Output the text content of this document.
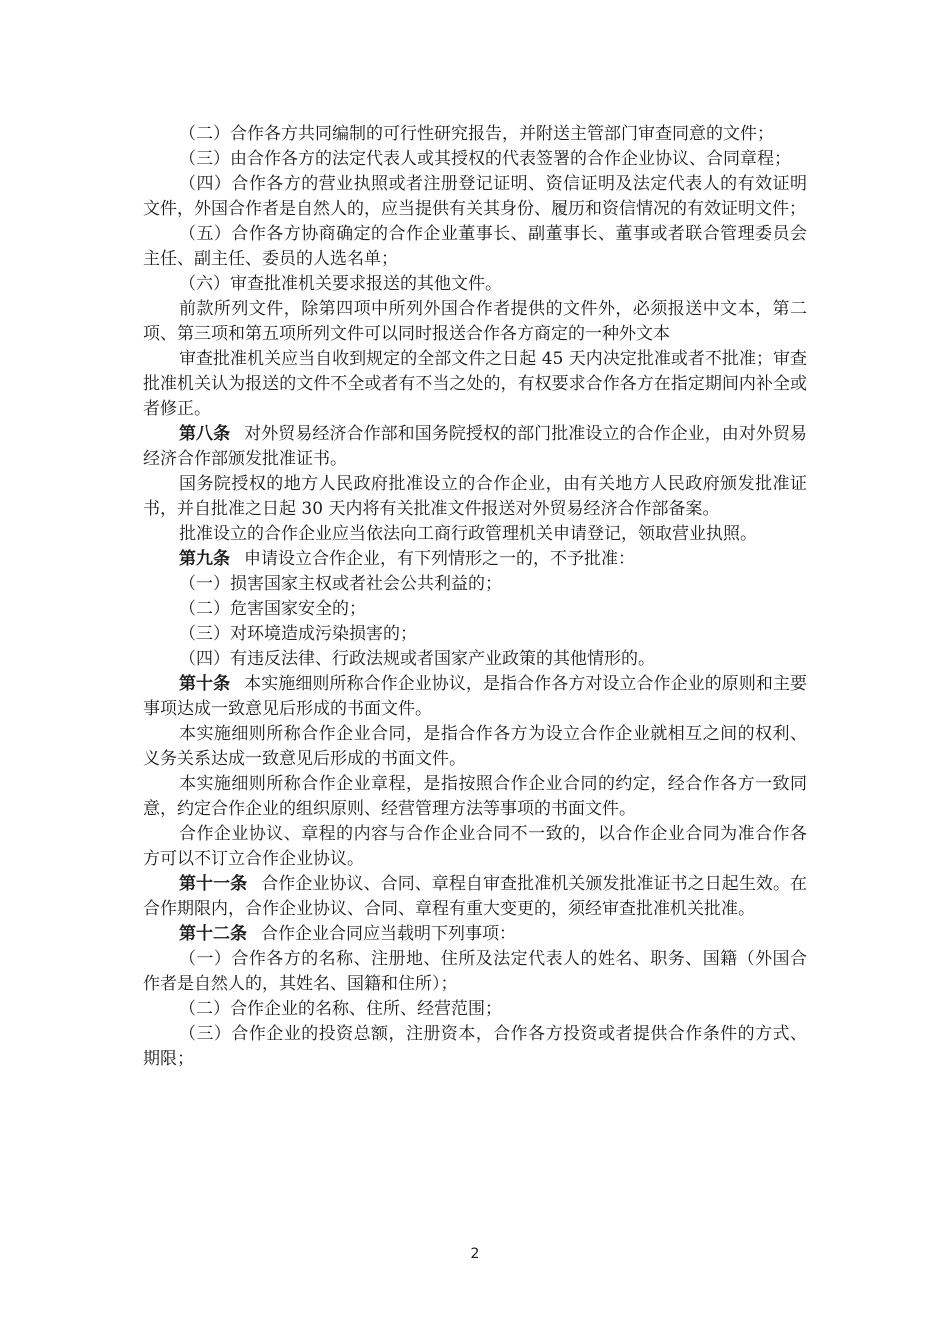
（二）合作各方共同编制的可行性研究报告，并附送主管部门审查同意的文件；

（三）由合作各方的法定代表人或其授权的代表签署的合作企业协议、合同章程；

（四）合作各方的营业执照或者注册登记证明、资信证明及法定代表人的有效证明文件，外国合作者是自然人的，应当提供有关其身份、履历和资信情况的有效证明文件；

（五）合作各方协商确定的合作企业董事长、副董事长、董事或者联合管理委员会主任、副主任、委员的人选名单；

（六）审查批准机关要求报送的其他文件。

前款所列文件，除第四项中所列外国合作者提供的文件外，必须报送中文本，第二项、第三项和第五项所列文件可以同时报送合作各方商定的一种外文本

审查批准机关应当自收到规定的全部文件之日起 45 天内决定批准或者不批准；审查批准机关认为报送的文件不全或者有不当之处的，有权要求合作各方在指定期间内补全或者修正。

第八条 对外贸易经济合作部和国务院授权的部门批准设立的合作企业，由对外贸易经济合作部颁发批准证书。

国务院授权的地方人民政府批准设立的合作企业，由有关地方人民政府颁发批准证书，并自批准之日起 30 天内将有关批准文件报送对外贸易经济合作部备案。

批准设立的合作企业应当依法向工商行政管理机关申请登记，领取营业执照。

第九条 申请设立合作企业，有下列情形之一的，不予批准：

（一）损害国家主权或者社会公共利益的；

（二）危害国家安全的；

（三）对环境造成污染损害的；

（四）有违反法律、行政法规或者国家产业政策的其他情形的。

第十条 本实施细则所称合作企业协议，是指合作各方对设立合作企业的原则和主要事项达成一致意见后形成的书面文件。

本实施细则所称合作企业合同，是指合作各方为设立合作企业就相互之间的权利、义务关系达成一致意见后形成的书面文件。

本实施细则所称合作企业章程，是指按照合作企业合同的约定，经合作各方一致同意，约定合作企业的组织原则、经营管理方法等事项的书面文件。

合作企业协议、章程的内容与合作企业合同不一致的，以合作企业合同为准合作各方可以不订立合作企业协议。

第十一条 合作企业协议、合同、章程自审查批准机关颁发批准证书之日起生效。在合作期限内，合作企业协议、合同、章程有重大变更的，须经审查批准机关批准。

第十二条 合作企业合同应当载明下列事项：

（一）合作各方的名称、注册地、住所及法定代表人的姓名、职务、国籍（外国合作者是自然人的，其姓名、国籍和住所）；

（二）合作企业的名称、住所、经营范围；

（三）合作企业的投资总额，注册资本，合作各方投资或者提供合作条件的方式、期限；

2
